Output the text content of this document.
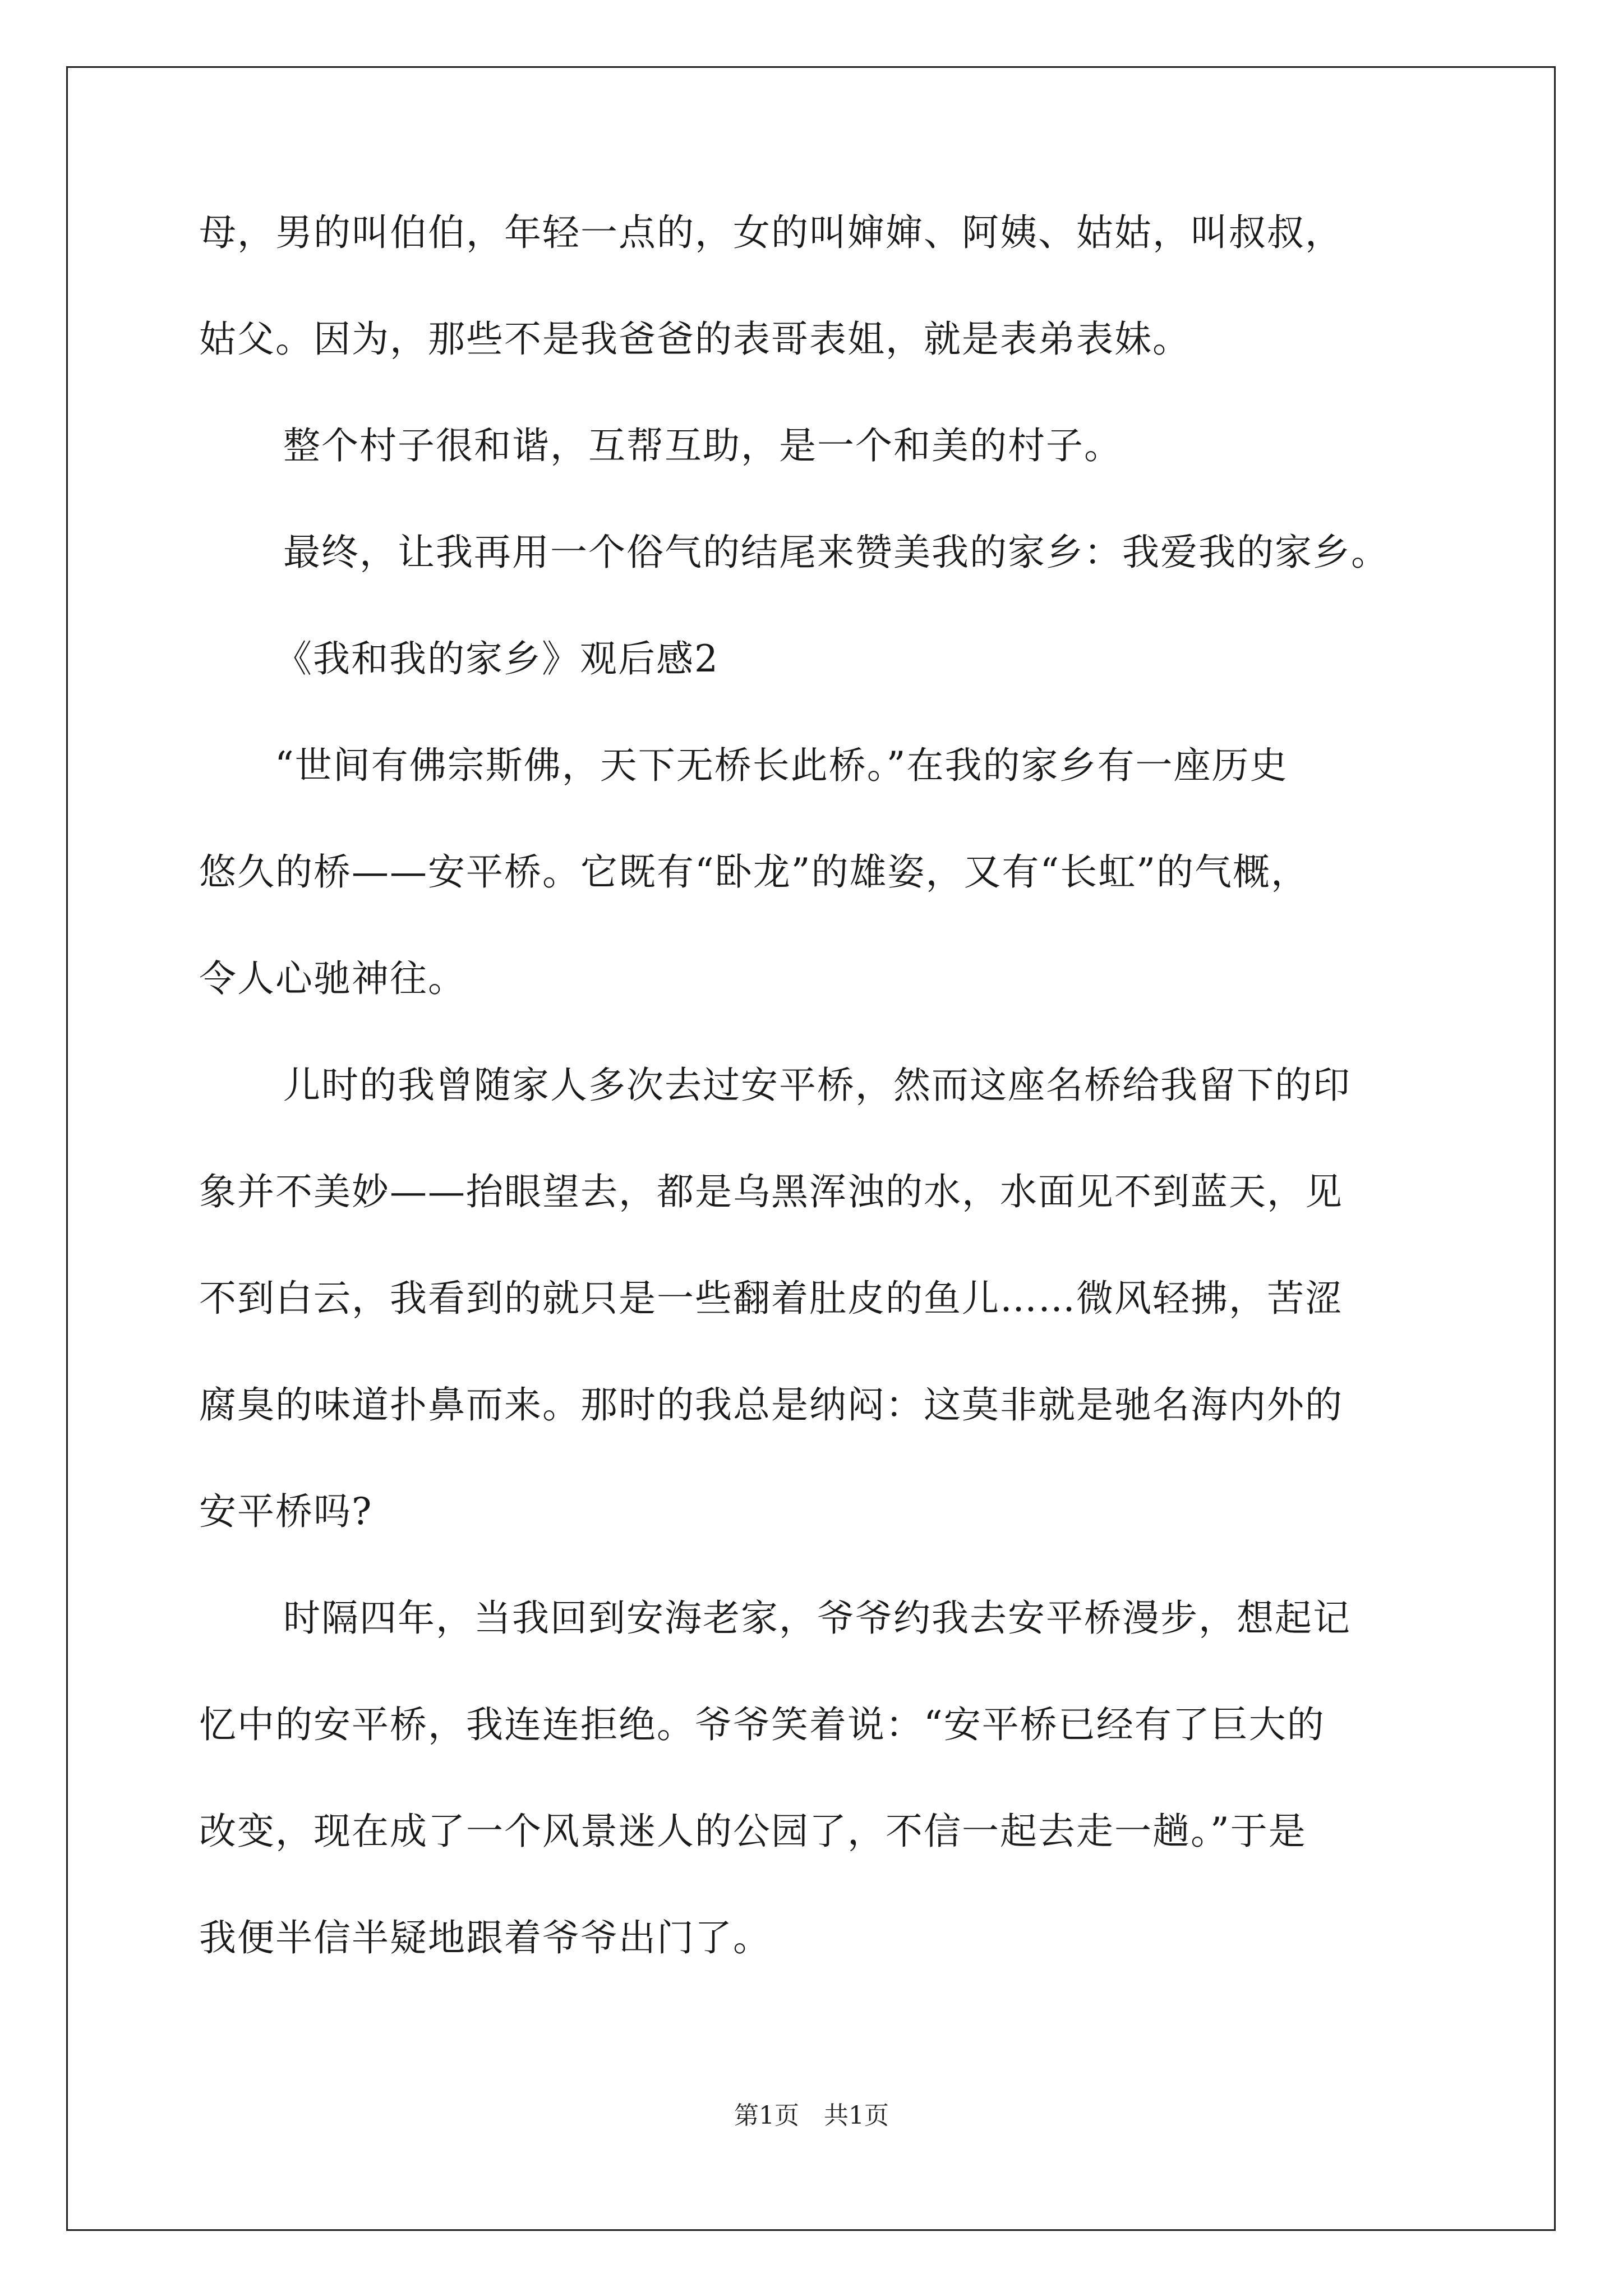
母，男的叫伯伯，年轻一点的，女的叫婶婶、阿姨、姑姑，叫叔叔，
姑父。因为，那些不是我爸爸的表哥表姐，就是表弟表妹。
整个村子很和谐，互帮互助，是一个和美的村子。
最终，让我再用一个俗气的结尾来赞美我的家乡：我爱我的家乡。
《我和我的家乡》观后感2
“世间有佛宗斯佛，天下无桥长此桥。”在我的家乡有一座历史
悠久的桥——安平桥。它既有“卧龙”的雄姿，又有“长虹”的气概，
令人心驰神往。
儿时的我曾随家人多次去过安平桥，然而这座名桥给我留下的印
象并不美妙——抬眼望去，都是乌黑浑浊的水，水面见不到蓝天，见
不到白云，我看到的就只是一些翻着肚皮的鱼儿……微风轻拂，苦涩
腐臭的味道扑鼻而来。那时的我总是纳闷：这莫非就是驰名海内外的
安平桥吗?
时隔四年，当我回到安海老家，爷爷约我去安平桥漫步，想起记
忆中的安平桥，我连连拒绝。爷爷笑着说：“安平桥已经有了巨大的
改变，现在成了一个风景迷人的公园了，不信一起去走一趟。”于是
我便半信半疑地跟着爷爷出门了。
第1页　共1页
